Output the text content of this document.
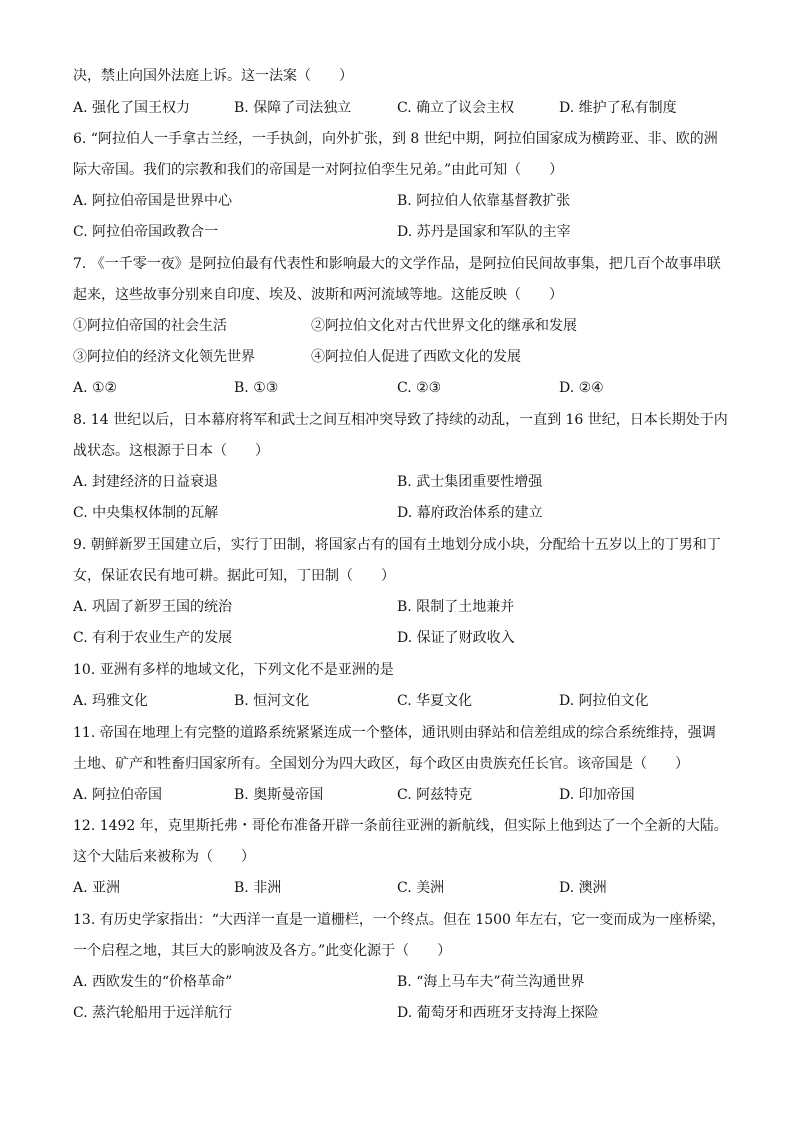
决，禁止向国外法庭上诉。这一法案（　　）
A. 强化了国王权力	B. 保障了司法独立	C. 确立了议会主权	D. 维护了私有制度
6. “阿拉伯人一手拿古兰经，一手执剑，向外扩张，到 8 世纪中期，阿拉伯国家成为横跨亚、非、欧的洲
际大帝国。我们的宗教和我们的帝国是一对阿拉伯孪生兄弟。”由此可知（　　）
A. 阿拉伯帝国是世界中心	B. 阿拉伯人依靠基督教扩张
C. 阿拉伯帝国政教合一	D. 苏丹是国家和军队的主宰
7. 《一千零一夜》是阿拉伯最有代表性和影响最大的文学作品，是阿拉伯民间故事集，把几百个故事串联
起来，这些故事分别来自印度、埃及、波斯和两河流域等地。这能反映（　　）
①阿拉伯帝国的社会生活	②阿拉伯文化对古代世界文化的继承和发展
③阿拉伯的经济文化领先世界	④阿拉伯人促进了西欧文化的发展
A. ①②	B. ①③	C. ②③	D. ②④
8. 14 世纪以后，日本幕府将军和武士之间互相冲突导致了持续的动乱，一直到 16 世纪，日本长期处于内
战状态。这根源于日本（　　）
A. 封建经济的日益衰退	B. 武士集团重要性增强
C. 中央集权体制的瓦解	D. 幕府政治体系的建立
9. 朝鲜新罗王国建立后，实行丁田制，将国家占有的国有土地划分成小块，分配给十五岁以上的丁男和丁
女，保证农民有地可耕。据此可知，丁田制（　　）
A. 巩固了新罗王国的统治	B. 限制了土地兼并
C. 有利于农业生产的发展	D. 保证了财政收入
10. 亚洲有多样的地域文化，下列文化不是亚洲的是
A. 玛雅文化	B. 恒河文化	C. 华夏文化	D. 阿拉伯文化
11. 帝国在地理上有完整的道路系统紧紧连成一个整体，通讯则由驿站和信差组成的综合系统维持，强调
土地、矿产和牲畜归国家所有。全国划分为四大政区，每个政区由贵族充任长官。该帝国是（　　）
A. 阿拉伯帝国	B. 奥斯曼帝国	C. 阿兹特克	D. 印加帝国
12. 1492 年，克里斯托弗・哥伦布准备开辟一条前往亚洲的新航线，但实际上他到达了一个全新的大陆。
这个大陆后来被称为（　　）
A. 亚洲	B. 非洲	C. 美洲	D. 澳洲
13. 有历史学家指出：“大西洋一直是一道栅栏，一个终点。但在 1500 年左右，它一变而成为一座桥梁，
一个启程之地，其巨大的影响波及各方。”此变化源于（　　）
A. 西欧发生的“价格革命”	B. “海上马车夫”荷兰沟通世界
C. 蒸汽轮船用于远洋航行	D. 葡萄牙和西班牙支持海上探险
